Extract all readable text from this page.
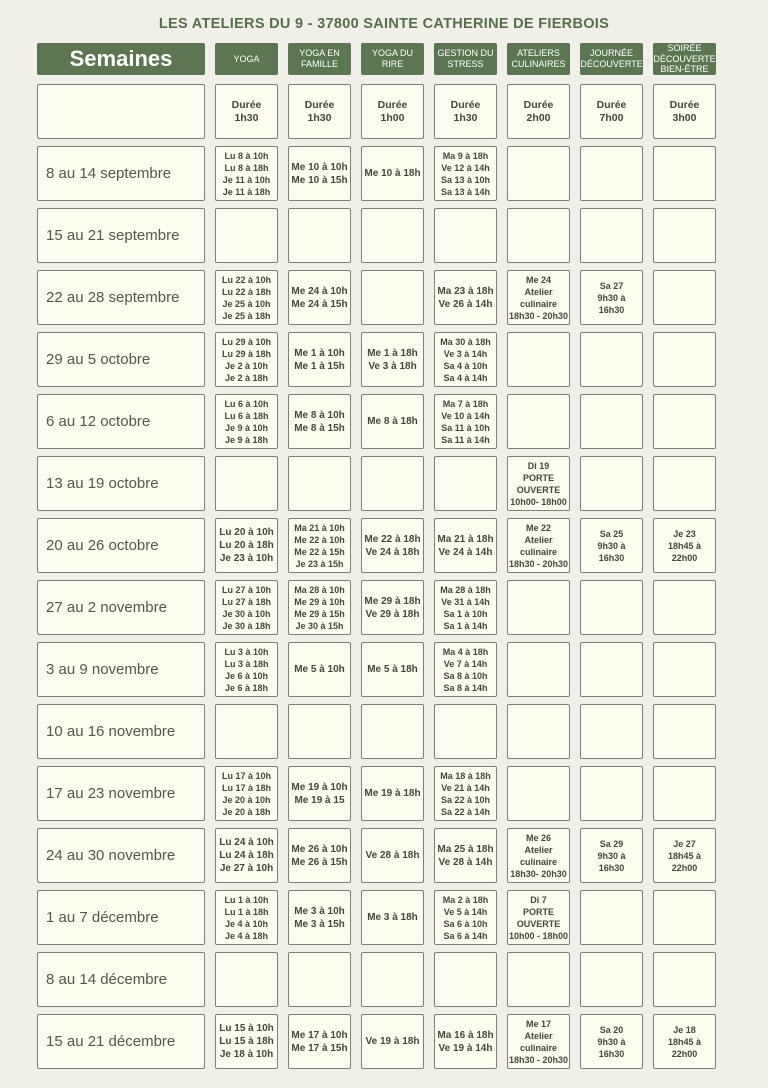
LES ATELIERS DU 9 - 37800 SAINTE CATHERINE DE FIERBOIS
Semaines	YOGA
YOGA EN FAMILLE
YOGA DU RIRE
GESTION DU STRESS
ATELIERS CULINAIRES
JOURNÉE DÉCOUVERTE
SOIRÉE DÉCOUVERTE BIEN-ÊTRE
Durée
1h30
Durée
1h30
Durée
1h00
Durée
1h30
Durée
2h00
Durée
7h00
Durée
3h00
8 au 14 septembre
Lu 8 à 10h
Lu 8 à 18h
Je 11 à 10h
Je 11 à 18h
Me 10 à 10h
Me 10 à 15h
Me 10 à 18h
Ma 9 à 18h
Ve 12 à 14h
Sa 13 à 10h
Sa 13 à 14h
15 au 21 septembre
22 au 28 septembre
Lu 22 à 10h
Lu 22 à 18h
Je 25 à 10h
Je 25 à 18h
Me 24 à 10h
Me 24 à 15h
Ma 23 à 18h
Ve 26 à 14h
Me 24
Atelier
culinaire
18h30 - 20h30
Sa 27
9h30 à
16h30
29 au 5 octobre
Lu 29 à 10h
Lu 29 à 18h
Je 2 à 10h
Je 2 à 18h
Me 1 à 10h
Me 1 à 15h
Me 1 à 18h
Ve 3 à 18h
Ma 30 à 18h
Ve 3 à 14h
Sa 4 à 10h
Sa 4 à 14h
6 au 12 octobre
Lu 6 à 10h
Lu 6 à 18h
Je 9 à 10h
Je 9 à 18h
Me 8 à 10h
Me 8 à 15h
Me 8 à 18h
Ma 7 à 18h
Ve 10 à 14h
Sa 11 à 10h
Sa 11 à 14h
13 au 19 octobre
Di 19
PORTE
OUVERTE
10h00- 18h00
20 au 26 octobre
Lu 20 à 10h
Lu 20 à 18h
Je 23 à 10h
Ma 21 à 10h
Me 22 à 10h
Me 22 à 15h
Je 23 à 15h
Me 22 à 18h
Ve 24 à 18h
Ma 21 à 18h
Ve 24 à 14h
Me 22
Atelier
culinaire
18h30 - 20h30
Sa 25
9h30 à
16h30
Je 23
18h45 à
22h00
27 au 2 novembre
Lu 27 à 10h
Lu 27 à 18h
Je 30 à 10h
Je 30 à 18h
Ma 28 à 10h
Me 29 à 10h
Me 29 à 15h
Je 30 à 15h
Me 29 à 18h
Ve 29 à 18h
Ma 28 à 18h
Ve 31 à 14h
Sa 1 à 10h
Sa 1 à 14h
3 au 9 novembre
Lu 3 à 10h
Lu 3 à 18h
Je 6 à 10h
Je 6 à 18h
Me 5 à 10h	Me 5 à 18h
Ma 4 à 18h
Ve 7 à 14h
Sa 8 à 10h
Sa 8 à 14h
10 au 16 novembre
17 au 23 novembre
Lu 17 à 10h
Lu 17 à 18h
Je 20 à 10h
Je 20 à 18h
Me 19 à 10h
Me 19 à 15
Me 19 à 18h
Ma 18 à 18h
Ve 21 à 14h
Sa 22 à 10h
Sa 22 à 14h
24 au 30 novembre
Lu 24 à 10h
Lu 24 à 18h
Je 27 à 10h
Me 26 à 10h
Me 26 à 15h
Ve 28 à 18h
Ma 25 à 18h
Ve 28 à 14h
Me 26
Atelier
culinaire
18h30- 20h30
Sa 29
9h30 à
16h30
Je 27
18h45 à
22h00
1 au 7 décembre
Lu 1 à 10h
Lu 1 à 18h
Je 4 à 10h
Je 4 à 18h
Me 3 à 10h
Me 3 à 15h
Me 3 à 18h
Ma 2 à 18h
Ve 5 à 14h
Sa 6 à 10h
Sa 6 à 14h
Di 7
PORTE
OUVERTE
10h00 - 18h00
8 au 14 décembre
15 au 21 décembre
Lu 15 à 10h
Lu 15 à 18h
Je 18 à 10h
Me 17 à 10h
Me 17 à 15h
Ve 19 à 18h
Ma 16 à 18h
Ve 19 à 14h
Me 17
Atelier
culinaire
18h30 - 20h30
Sa 20
9h30 à
16h30
Je 18
18h45 à
22h00
